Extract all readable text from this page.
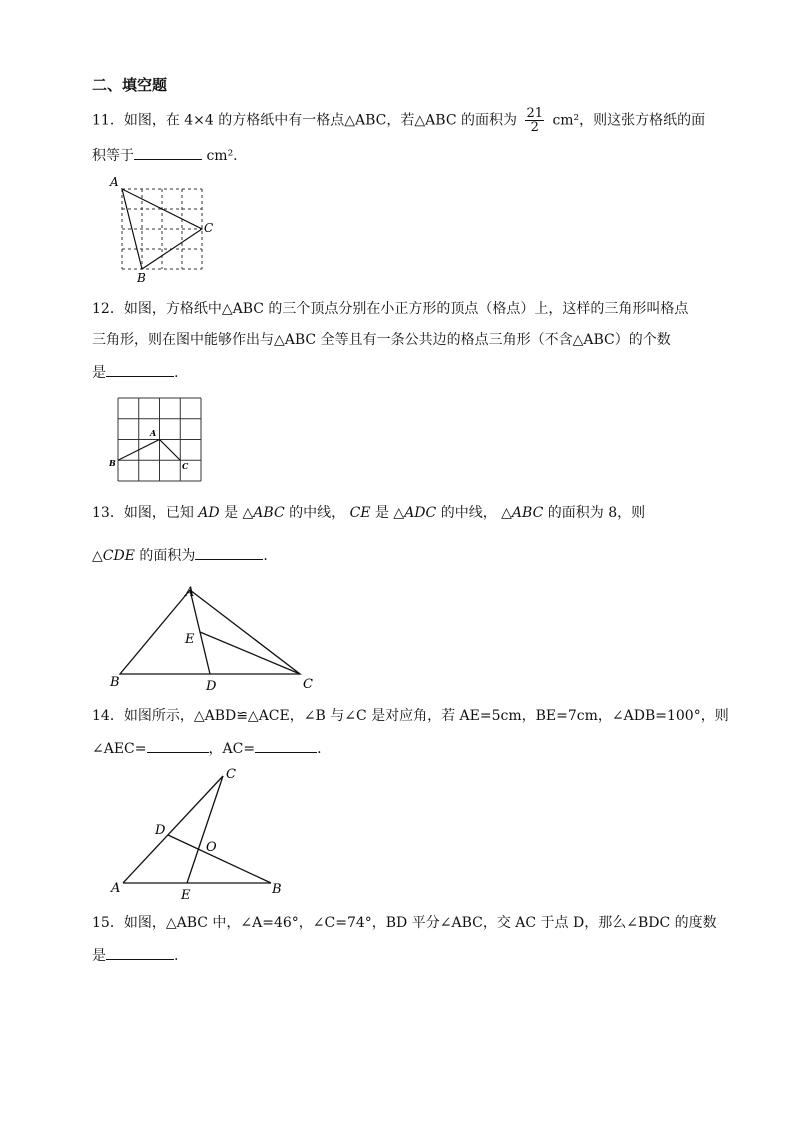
二、填空题
11．如图，在 4×4 的方格纸中有一格点△ABC，若△ABC 的面积为 $\frac{21}{2} cm^2$，则这张方格纸的面
积等于	cm².
A
B
C
12．如图，方格纸中△ABC 的三个顶点分别在小正方形的顶点（格点）上，这样的三角形叫格点
三角形，则在图中能够作出与△ABC 全等且有一条公共边的格点三角形（不含△ABC）的个数
是	.
A
B	C
13．如图，已知 AD 是 △ABC 的中线， CE 是 △ADC 的中线， △ABC 的面积为 8，则
△CDE 的面积为	.
A
B	C
D
E
14．如图所示，△ABD≌△ACE，∠B 与∠C 是对应角，若 AE=5cm，BE=7cm，∠ADB=100°，则
∠AEC=	，AC=	.
A	B
C
D
E
O
15．如图，△ABC 中，∠A=46°，∠C=74°，BD 平分∠ABC，交 AC 于点 D，那么∠BDC 的度数
是	.
